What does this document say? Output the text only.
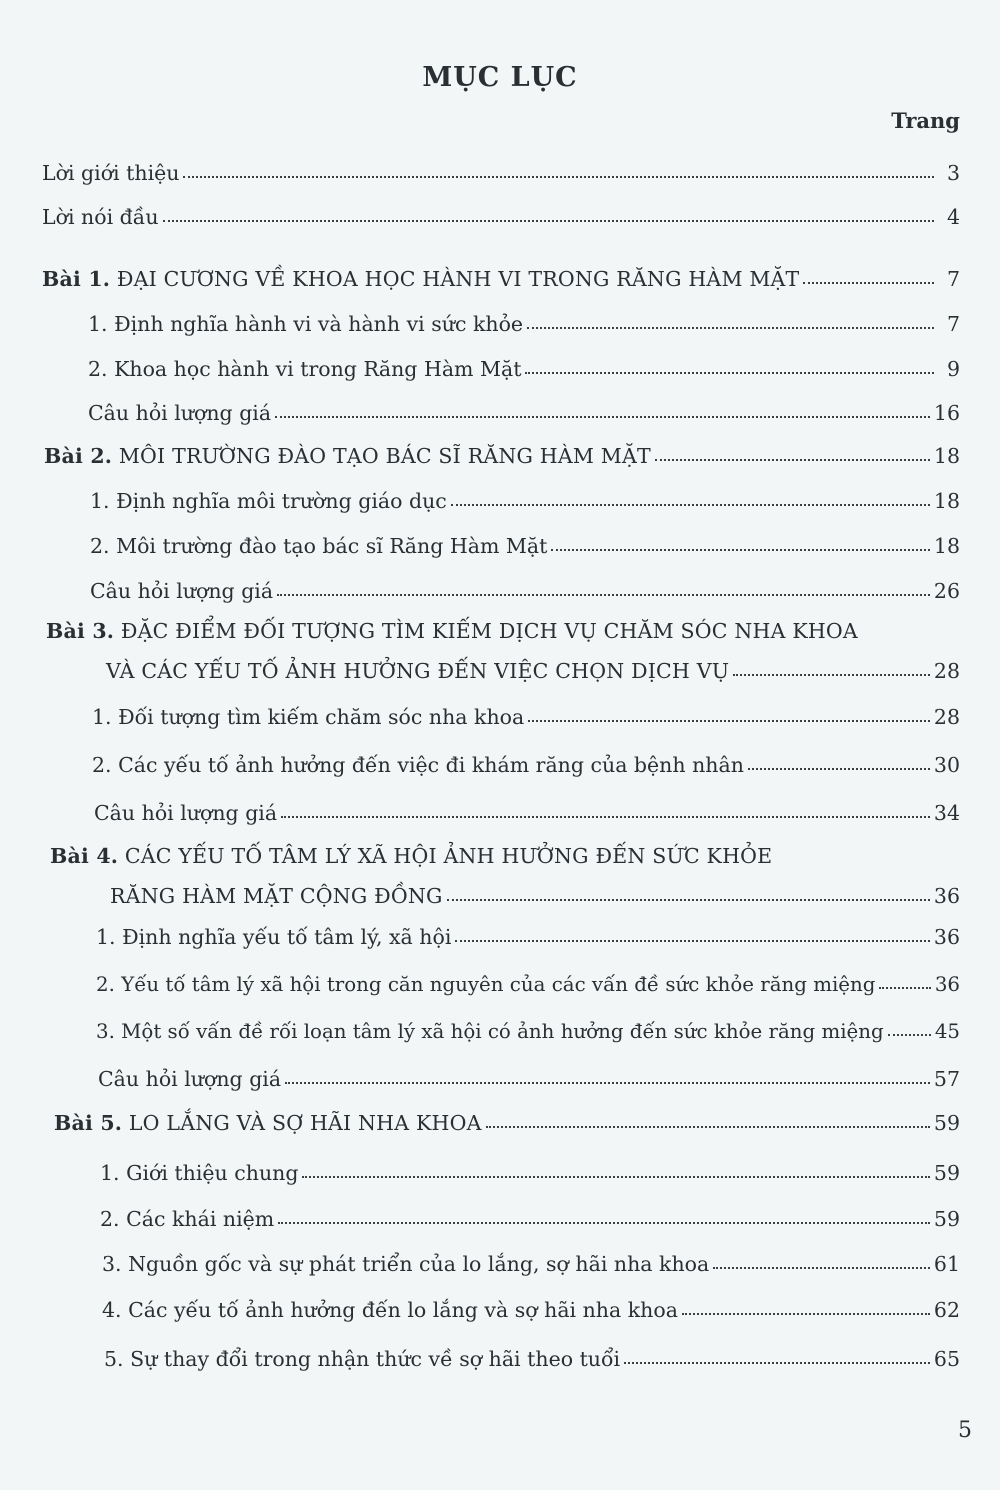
MỤC LỤC
Trang
Lời giới thiệu	3
Lời nói đầu	4
Bài 1. ĐẠI CƯƠNG VỀ KHOA HỌC HÀNH VI TRONG RĂNG HÀM MẶT	7
1. Định nghĩa hành vi và hành vi sức khỏe	7
2. Khoa học hành vi trong Răng Hàm Mặt	9
Câu hỏi lượng giá	16
Bài 2. MÔI TRƯỜNG ĐÀO TẠO BÁC SĨ RĂNG HÀM MẶT	18
1. Định nghĩa môi trường giáo dục	18
2. Môi trường đào tạo bác sĩ Răng Hàm Mặt	18
Câu hỏi lượng giá	26
Bài 3. ĐẶC ĐIỂM ĐỐI TƯỢNG TÌM KIẾM DỊCH VỤ CHĂM SÓC NHA KHOA
VÀ CÁC YẾU TỐ ẢNH HƯỞNG ĐẾN VIỆC CHỌN DỊCH VỤ	28
1. Đối tượng tìm kiếm chăm sóc nha khoa	28
2. Các yếu tố ảnh hưởng đến việc đi khám răng của bệnh nhân	30
Câu hỏi lượng giá	34
Bài 4. CÁC YẾU TỐ TÂM LÝ XÃ HỘI ẢNH HƯỞNG ĐẾN SỨC KHỎE
RĂNG HÀM MẶT CỘNG ĐỒNG	36
1. Định nghĩa yếu tố tâm lý, xã hội	36
2. Yếu tố tâm lý xã hội trong căn nguyên của các vấn đề sức khỏe răng miệng	36
3. Một số vấn đề rối loạn tâm lý xã hội có ảnh hưởng đến sức khỏe răng miệng	45
Câu hỏi lượng giá	57
Bài 5. LO LẮNG VÀ SỢ HÃI NHA KHOA	59
1. Giới thiệu chung	59
2. Các khái niệm	59
3. Nguồn gốc và sự phát triển của lo lắng, sợ hãi nha khoa	61
4. Các yếu tố ảnh hưởng đến lo lắng và sợ hãi nha khoa	62
5. Sự thay đổi trong nhận thức về sợ hãi theo tuổi	65
5
